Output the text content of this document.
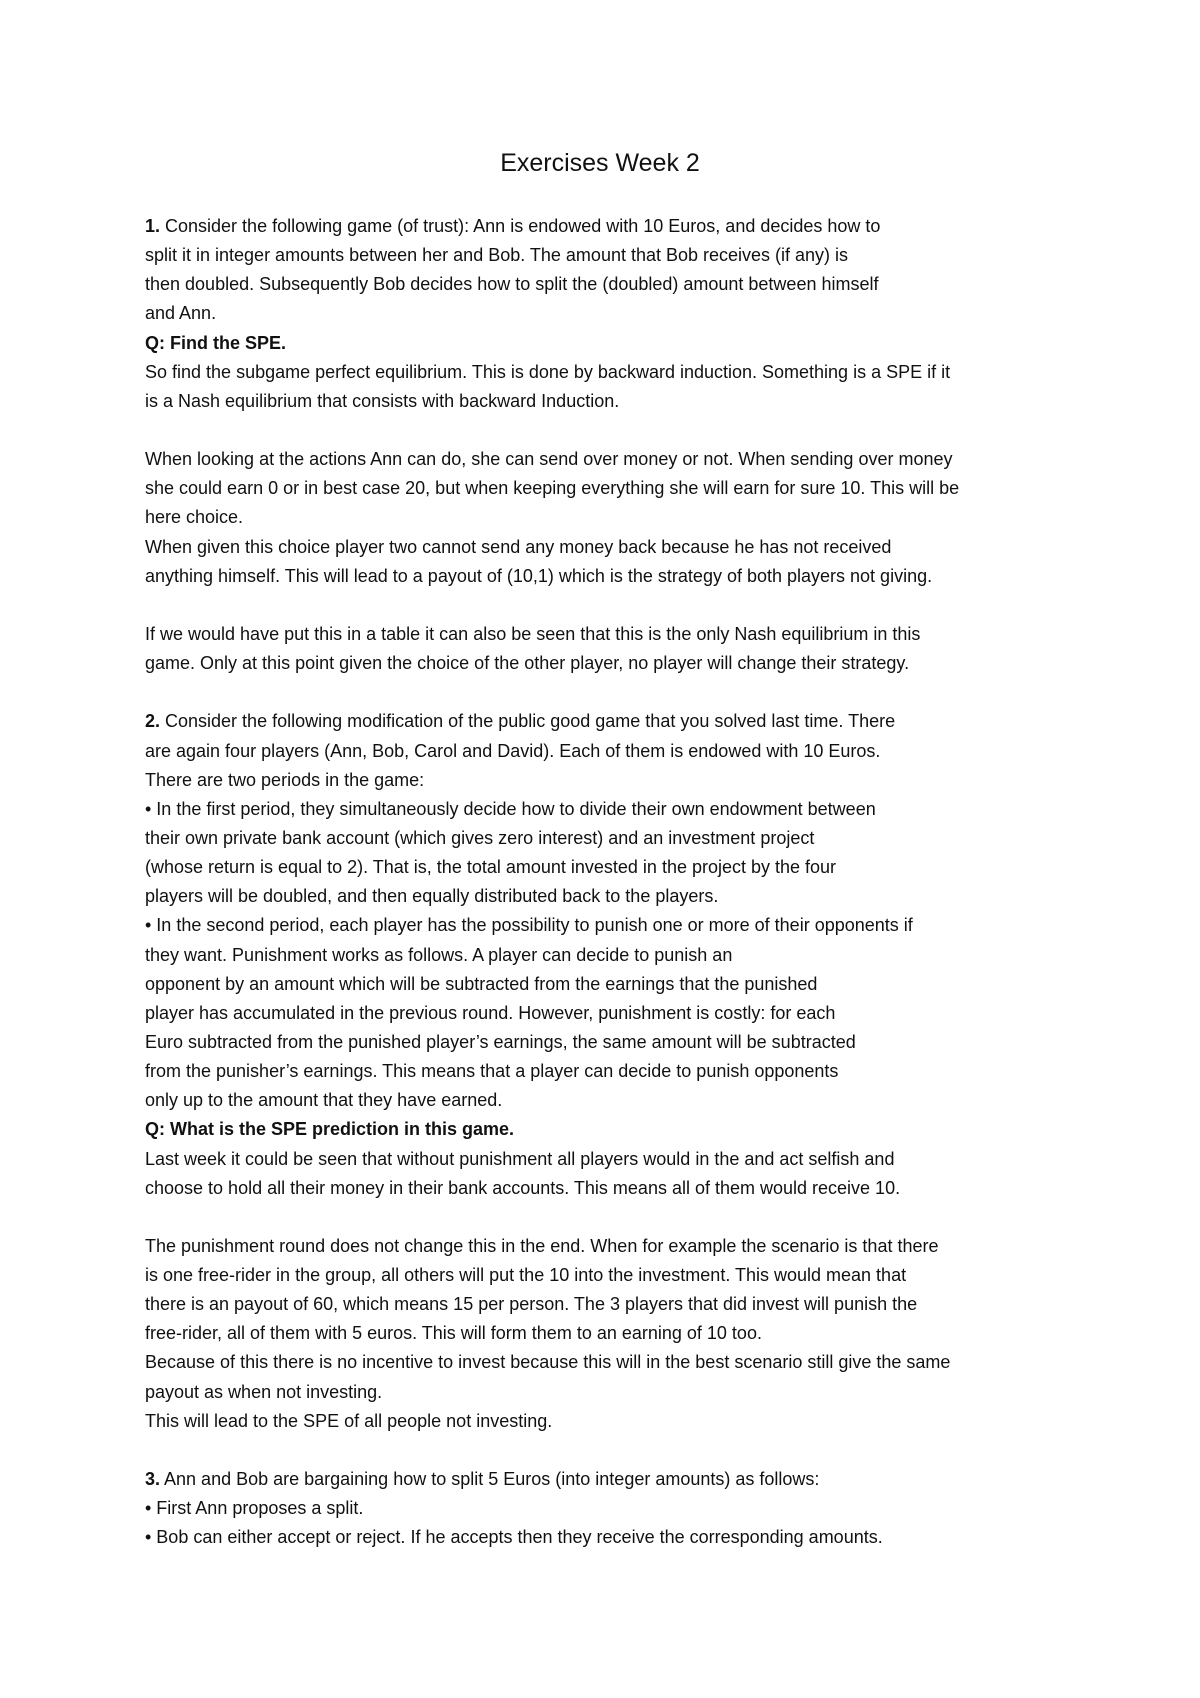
Exercises Week 2
1. Consider the following game (of trust): Ann is endowed with 10 Euros, and decides how to
split it in integer amounts between her and Bob. The amount that Bob receives (if any) is
then doubled. Subsequently Bob decides how to split the (doubled) amount between himself
and Ann.
Q: Find the SPE.
So find the subgame perfect equilibrium. This is done by backward induction. Something is a SPE if it
is a Nash equilibrium that consists with backward Induction.
When looking at the actions Ann can do, she can send over money or not. When sending over money
she could earn 0 or in best case 20, but when keeping everything she will earn for sure 10. This will be
here choice.
When given this choice player two cannot send any money back because he has not received
anything himself. This will lead to a payout of (10,1) which is the strategy of both players not giving.
If we would have put this in a table it can also be seen that this is the only Nash equilibrium in this
game. Only at this point given the choice of the other player, no player will change their strategy.
2. Consider the following modification of the public good game that you solved last time. There
are again four players (Ann, Bob, Carol and David). Each of them is endowed with 10 Euros.
There are two periods in the game:
• In the first period, they simultaneously decide how to divide their own endowment between
their own private bank account (which gives zero interest) and an investment project
(whose return is equal to 2). That is, the total amount invested in the project by the four
players will be doubled, and then equally distributed back to the players.
• In the second period, each player has the possibility to punish one or more of their opponents if
they want. Punishment works as follows. A player can decide to punish an
opponent by an amount which will be subtracted from the earnings that the punished
player has accumulated in the previous round. However, punishment is costly: for each
Euro subtracted from the punished player’s earnings, the same amount will be subtracted
from the punisher’s earnings. This means that a player can decide to punish opponents
only up to the amount that they have earned.
Q: What is the SPE prediction in this game.
Last week it could be seen that without punishment all players would in the and act selfish and
choose to hold all their money in their bank accounts. This means all of them would receive 10.
The punishment round does not change this in the end. When for example the scenario is that there
is one free-rider in the group, all others will put the 10 into the investment. This would mean that
there is an payout of 60, which means 15 per person. The 3 players that did invest will punish the
free-rider, all of them with 5 euros. This will form them to an earning of 10 too.
Because of this there is no incentive to invest because this will in the best scenario still give the same
payout as when not investing.
This will lead to the SPE of all people not investing.
3. Ann and Bob are bargaining how to split 5 Euros (into integer amounts) as follows:
• First Ann proposes a split.
• Bob can either accept or reject. If he accepts then they receive the corresponding amounts.
